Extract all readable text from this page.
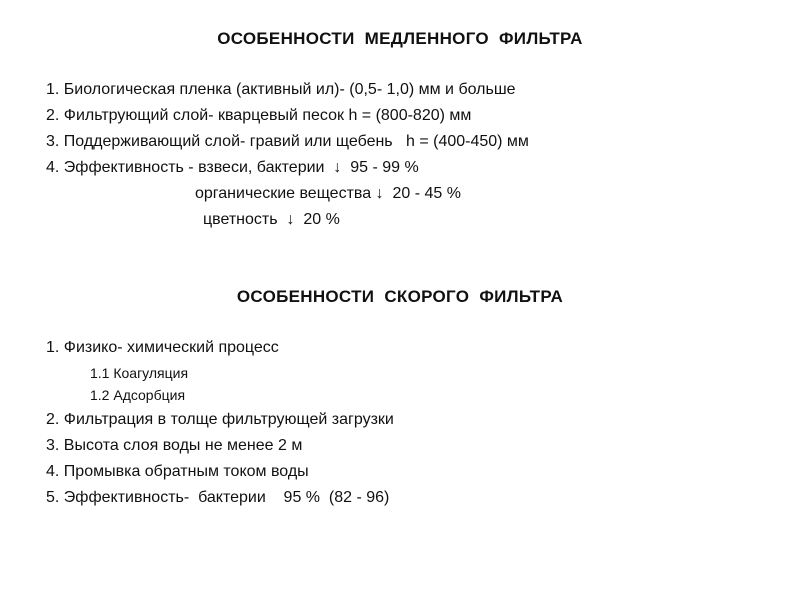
ОСОБЕННОСТИ  МЕДЛЕННОГО  ФИЛЬТРА
1. Биологическая пленка (активный ил)- (0,5- 1,0) мм и больше
2. Фильтрующий слой- кварцевый песок h = (800-820) мм
3. Поддерживающий слой- гравий или щебень   h = (400-450) мм
4. Эффективность - взвеси, бактерии  ↓  95 - 99 %
органические вещества ↓  20 - 45 %
цветность  ↓  20 %
ОСОБЕННОСТИ  СКОРОГО  ФИЛЬТРА
1. Физико- химический процесс
1.1 Коагуляция
1.2 Адсорбция
2. Фильтрация в толще фильтрующей загрузки
3. Высота слоя воды не менее 2 м
4. Промывка обратным током воды
5. Эффективность-  бактерии    95 %  (82 - 96)
